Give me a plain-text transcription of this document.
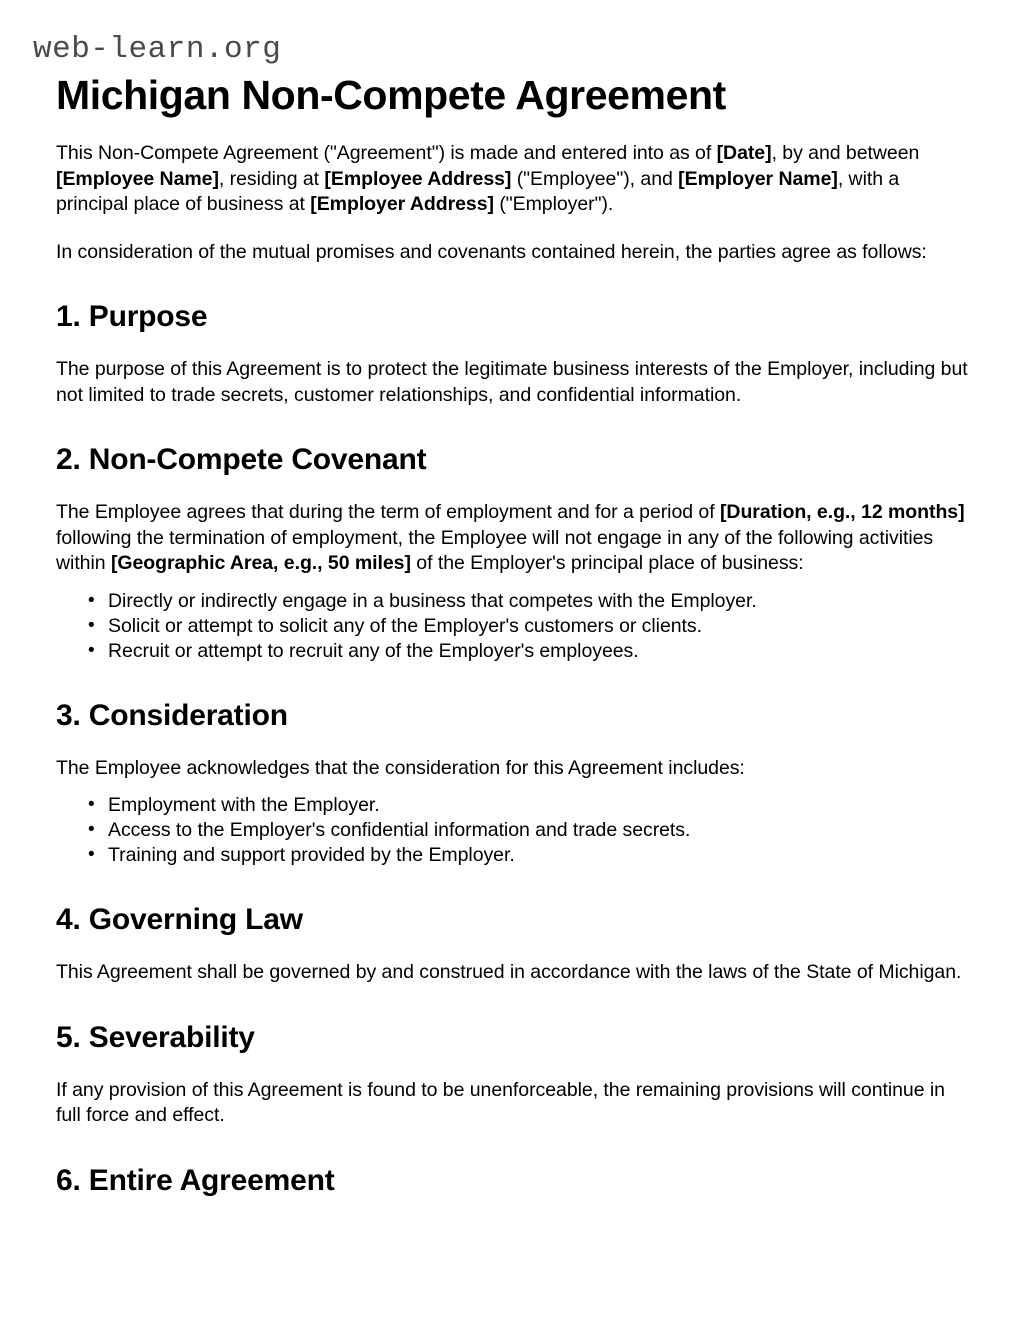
web-learn.org
Michigan Non-Compete Agreement

This Non-Compete Agreement ("Agreement") is made and entered into as of [Date], by and between [Employee Name], residing at [Employee Address] ("Employee"), and [Employer Name], with a principal place of business at [Employer Address] ("Employer").

In consideration of the mutual promises and covenants contained herein, the parties agree as follows:

1. Purpose

The purpose of this Agreement is to protect the legitimate business interests of the Employer, including but not limited to trade secrets, customer relationships, and confidential information.

2. Non-Compete Covenant

The Employee agrees that during the term of employment and for a period of [Duration, e.g., 12 months] following the termination of employment, the Employee will not engage in any of the following activities within [Geographic Area, e.g., 50 miles] of the Employer's principal place of business:

• Directly or indirectly engage in a business that competes with the Employer.
• Solicit or attempt to solicit any of the Employer's customers or clients.
• Recruit or attempt to recruit any of the Employer's employees.
3. Consideration

The Employee acknowledges that the consideration for this Agreement includes:

• Employment with the Employer.
• Access to the Employer's confidential information and trade secrets.
• Training and support provided by the Employer.
4. Governing Law

This Agreement shall be governed by and construed in accordance with the laws of the State of Michigan.

5. Severability

If any provision of this Agreement is found to be unenforceable, the remaining provisions will continue in full force and effect.

6. Entire Agreement
